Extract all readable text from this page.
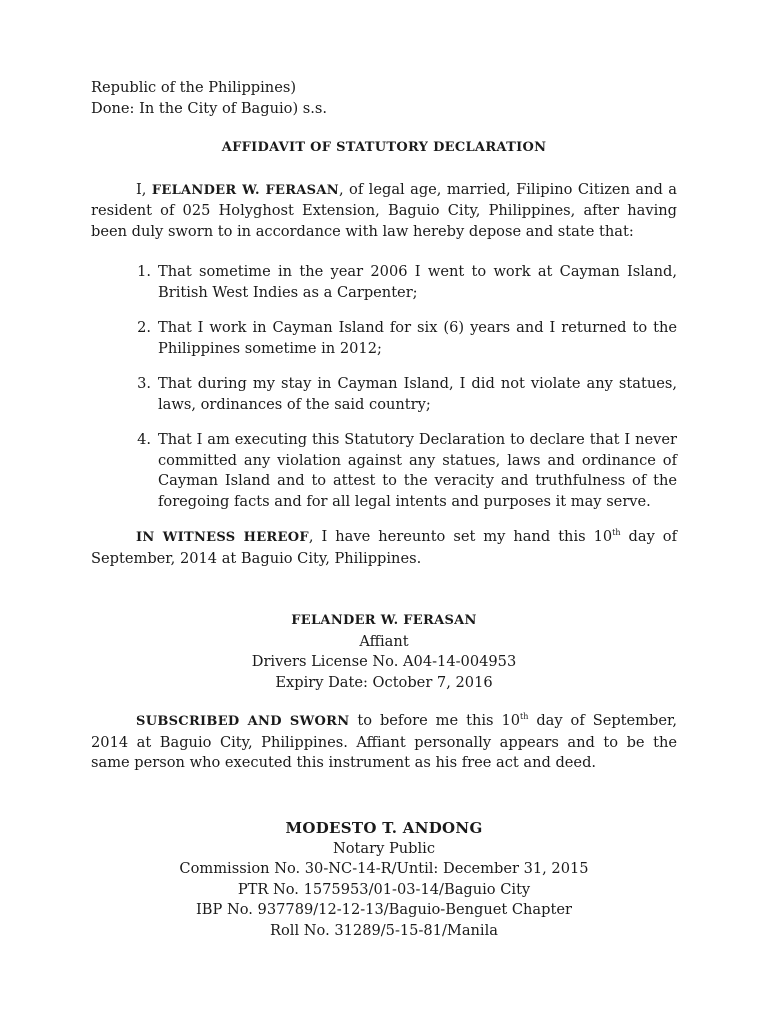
Republic of the Philippines)
Done: In the City of Baguio) s.s.
AFFIDAVIT OF STATUTORY DECLARATION

I, FELANDER W. FERASAN, of legal age, married, Filipino Citizen and a resident of 025 Holyghost Extension, Baguio City, Philippines, after having been duly sworn to in accordance with law hereby depose and state that:

1. That sometime in the year 2006 I went to work at Cayman Island, British West Indies as a Carpenter;
2. That I work in Cayman Island for six (6) years and I returned to the Philippines sometime in 2012;
3. That during my stay in Cayman Island, I did not violate any statues, laws, ordinances of the said country;
4. That I am executing this Statutory Declaration to declare that I never committed any violation against any statues, laws and ordinance of Cayman Island and to attest to the veracity and truthfulness of the foregoing facts and for all legal intents and purposes it may serve.

IN WITNESS HEREOF, I have hereunto set my hand this 10th day of September, 2014 at Baguio City, Philippines.

FELANDER W. FERASAN
Affiant
Drivers License No. A04-14-004953
Expiry Date: October 7, 2016

SUBSCRIBED AND SWORN to before me this 10th day of September, 2014 at Baguio City, Philippines. Affiant personally appears and to be the same person who executed this instrument as his free act and deed.

MODESTO T. ANDONG
Notary Public
Commission No. 30-NC-14-R/Until: December 31, 2015
PTR No. 1575953/01-03-14/Baguio City
IBP No. 937789/12-12-13/Baguio-Benguet Chapter
Roll No. 31289/5-15-81/Manila
